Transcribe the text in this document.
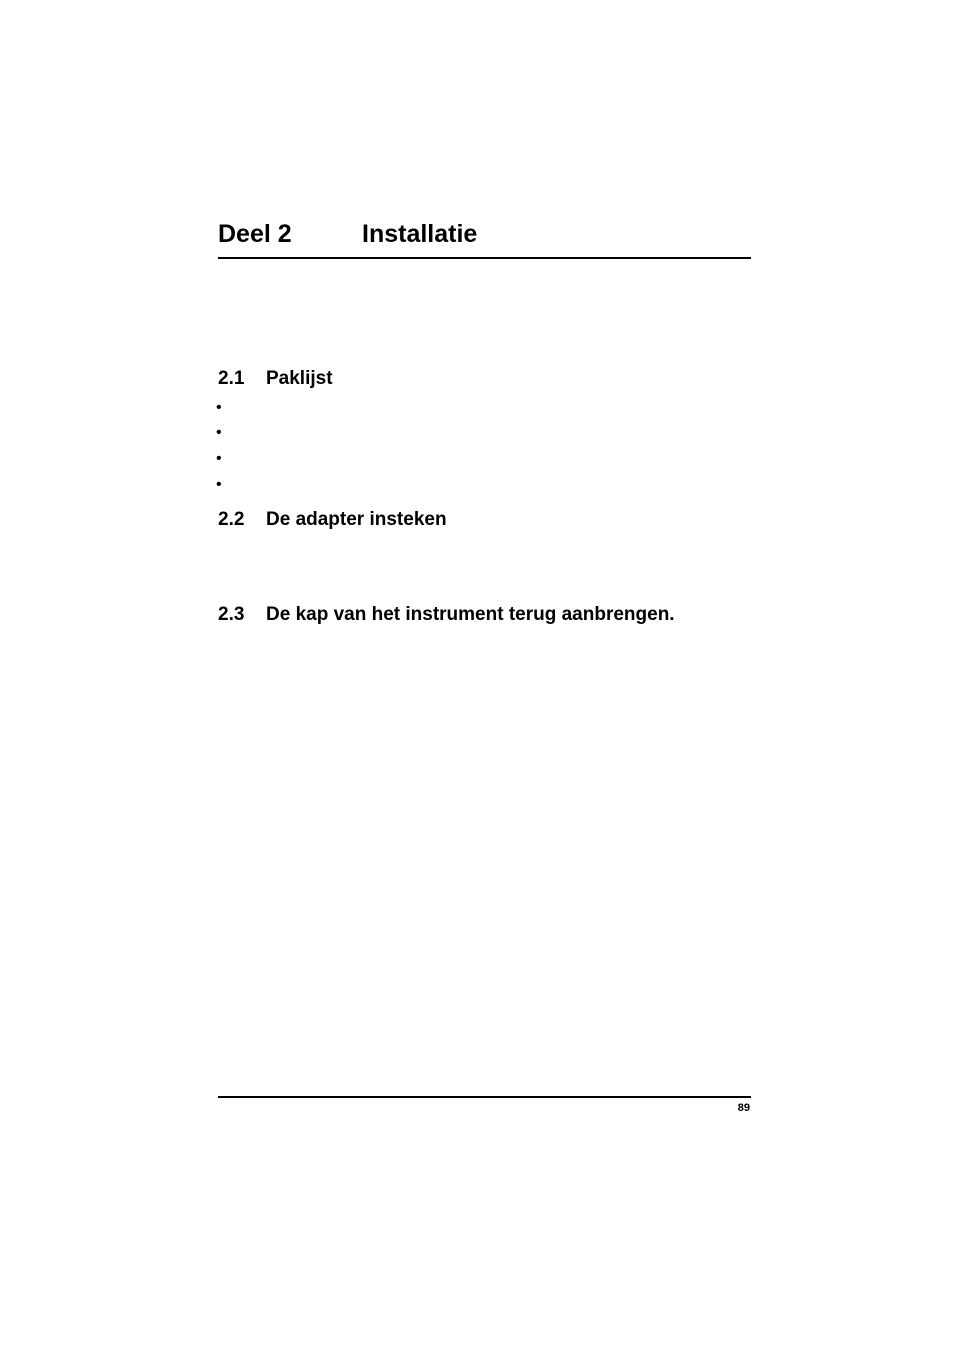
Deel 2	Installatie
2.1 Paklijst
•
•
•
•
2.2 De adapter insteken
2.3 De kap van het instrument terug aanbrengen.
89
